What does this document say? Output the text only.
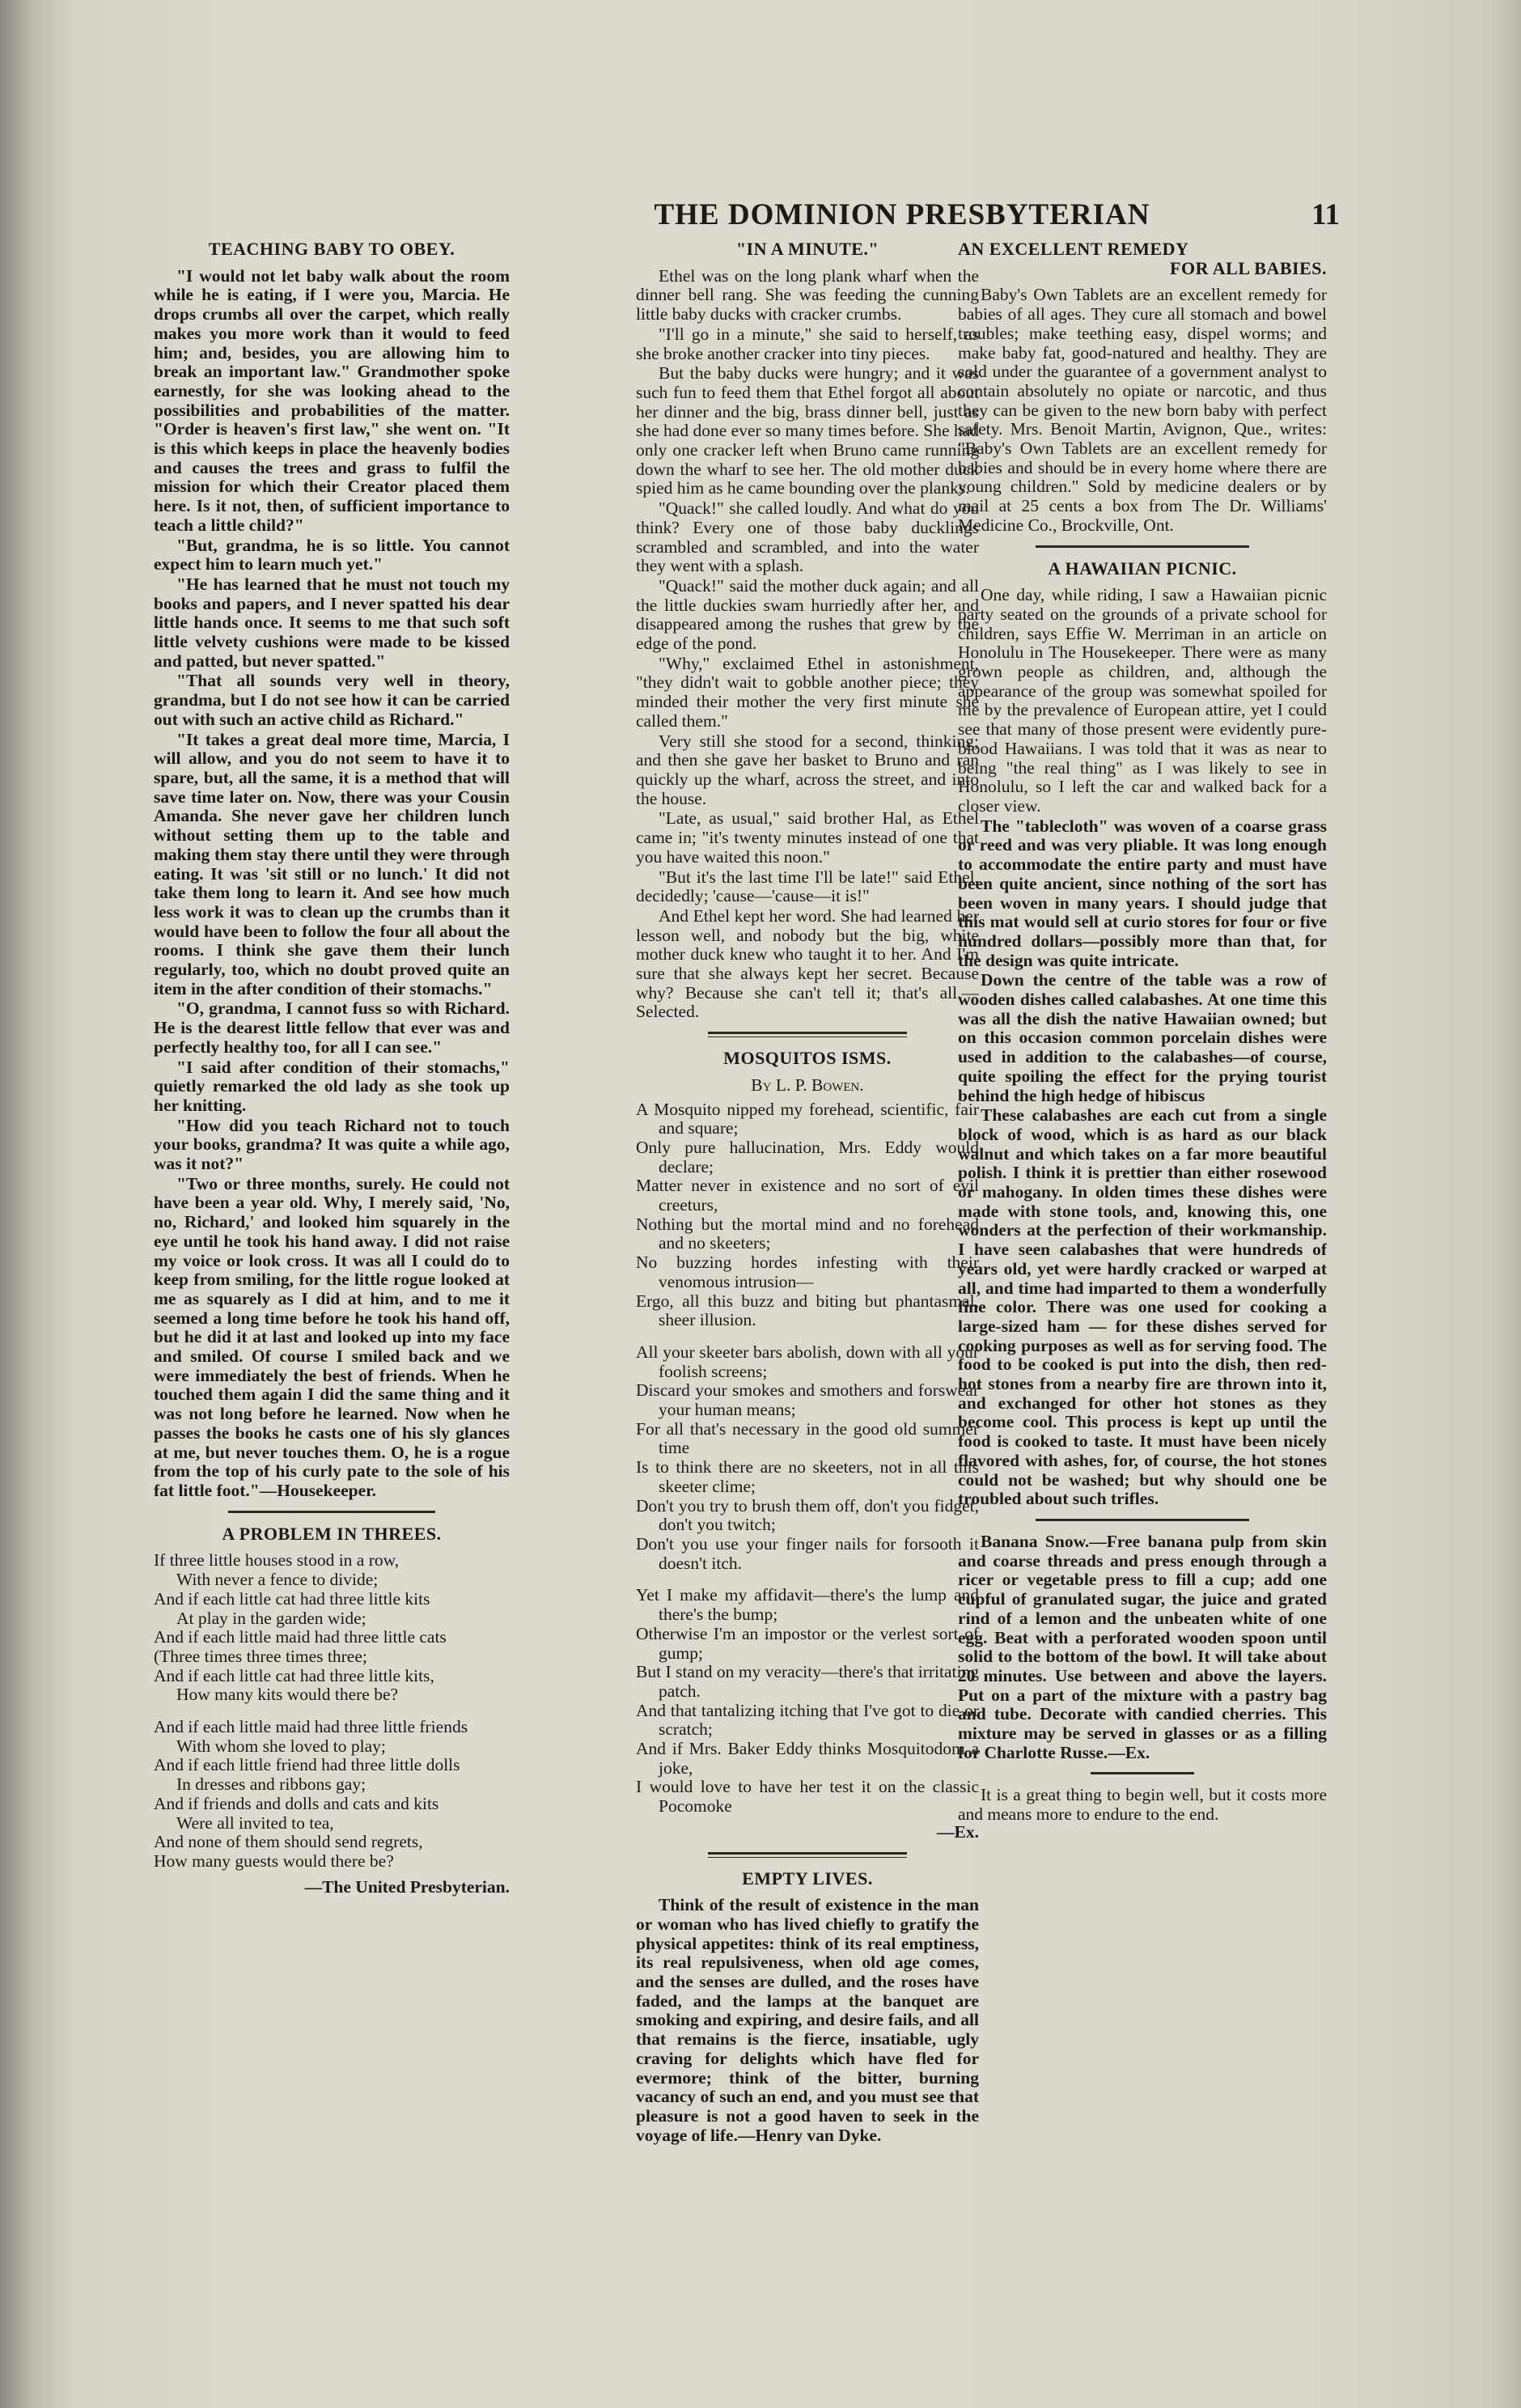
THE DOMINION PRESBYTERIAN	11
TEACHING BABY TO OBEY.

"I would not let baby walk about the room while he is eating, if I were you, Marcia. He drops crumbs all over the carpet, which really makes you more work than it would to feed him; and, besides, you are allowing him to break an important law." Grandmother spoke earnestly, for she was looking ahead to the possibilities and probabilities of the matter. "Order is heaven's first law," she went on. "It is this which keeps in place the heavenly bodies and causes the trees and grass to fulfil the mission for which their Creator placed them here. Is it not, then, of sufficient importance to teach a little child?"

"But, grandma, he is so little. You cannot expect him to learn much yet."

"He has learned that he must not touch my books and papers, and I never spatted his dear little hands once. It seems to me that such soft little velvety cushions were made to be kissed and patted, but never spatted."

"That all sounds very well in theory, grandma, but I do not see how it can be carried out with such an active child as Richard."

"It takes a great deal more time, Marcia, I will allow, and you do not seem to have it to spare, but, all the same, it is a method that will save time later on. Now, there was your Cousin Amanda. She never gave her children lunch without setting them up to the table and making them stay there until they were through eating. It was 'sit still or no lunch.' It did not take them long to learn it. And see how much less work it was to clean up the crumbs than it would have been to follow the four all about the rooms. I think she gave them their lunch regularly, too, which no doubt proved quite an item in the after condition of their stomachs."

"O, grandma, I cannot fuss so with Richard. He is the dearest little fellow that ever was and perfectly healthy too, for all I can see."

"I said after condition of their stomachs," quietly remarked the old lady as she took up her knitting.

"How did you teach Richard not to touch your books, grandma? It was quite a while ago, was it not?"

"Two or three months, surely. He could not have been a year old. Why, I merely said, 'No, no, Richard,' and looked him squarely in the eye until he took his hand away. I did not raise my voice or look cross. It was all I could do to keep from smiling, for the little rogue looked at me as squarely as I did at him, and to me it seemed a long time before he took his hand off, but he did it at last and looked up into my face and smiled. Of course I smiled back and we were immediately the best of friends. When he touched them again I did the same thing and it was not long before he learned. Now when he passes the books he casts one of his sly glances at me, but never touches them. O, he is a rogue from the top of his curly pate to the sole of his fat little foot."—Housekeeper.

A PROBLEM IN THREES.
If three little houses stood in a row,
With never a fence to divide;
And if each little cat had three little kits
At play in the garden wide;
And if each little maid had three little cats
(Three times three times three;
And if each little cat had three little kits,
How many kits would there be?
And if each little maid had three little friends
With whom she loved to play;
And if each little friend had three little dolls
In dresses and ribbons gay;
And if friends and dolls and cats and kits
Were all invited to tea,
And none of them should send regrets,
How many guests would there be?
—The United Presbyterian.
"IN A MINUTE."

Ethel was on the long plank wharf when the dinner bell rang. She was feeding the cunning little baby ducks with cracker crumbs.

"I'll go in a minute," she said to herself, as she broke another cracker into tiny pieces.

But the baby ducks were hungry; and it was such fun to feed them that Ethel forgot all about her dinner and the big, brass dinner bell, just as she had done ever so many times before. She had only one cracker left when Bruno came running down the wharf to see her. The old mother duck spied him as he came bounding over the planks.

"Quack!" she called loudly. And what do you think? Every one of those baby ducklings scrambled and scrambled, and into the water they went with a splash.

"Quack!" said the mother duck again; and all the little duckies swam hurriedly after her, and disappeared among the rushes that grew by the edge of the pond.

"Why," exclaimed Ethel in astonishment, "they didn't wait to gobble another piece; they minded their mother the very first minute she called them."

Very still she stood for a second, thinking; and then she gave her basket to Bruno and ran quickly up the wharf, across the street, and into the house.

"Late, as usual," said brother Hal, as Ethel came in; "it's twenty minutes instead of one that you have waited this noon."

"But it's the last time I'll be late!" said Ethel, decidedly; 'cause—'cause—it is!"

And Ethel kept her word. She had learned her lesson well, and nobody but the big, white mother duck knew who taught it to her. And I'm sure that she always kept her secret. Because why? Because she can't tell it; that's all.—Selected.

MOSQUITOS ISMS.
By L. P. Bowen.
A Mosquito nipped my forehead, scientific, fair and square;
Only pure hallucination, Mrs. Eddy would declare;
Matter never in existence and no sort of evil creeturs,
Nothing but the mortal mind and no forehead and no skeeters;
No buzzing hordes infesting with their venomous intrusion—
Ergo, all this buzz and biting but phantasmal, sheer illusion.
All your skeeter bars abolish, down with all your foolish screens;
Discard your smokes and smothers and forswear your human means;
For all that's necessary in the good old summer time
Is to think there are no skeeters, not in all this skeeter clime;
Don't you try to brush them off, don't you fidget, don't you twitch;
Don't you use your finger nails for forsooth it doesn't itch.
Yet I make my affidavit—there's the lump and there's the bump;
Otherwise I'm an impostor or the verlest sort of gump;
But I stand on my veracity—there's that irritating patch.
And that tantalizing itching that I've got to die or scratch;
And if Mrs. Baker Eddy thinks Mosquitodom a joke,
I would love to have her test it on the classic Pocomoke
—Ex.
EMPTY LIVES.

Think of the result of existence in the man or woman who has lived chiefly to gratify the physical appetites: think of its real emptiness, its real repulsiveness, when old age comes, and the senses are dulled, and the roses have faded, and the lamps at the banquet are smoking and expiring, and desire fails, and all that remains is the fierce, insatiable, ugly craving for delights which have fled for evermore; think of the bitter, burning vacancy of such an end, and you must see that pleasure is not a good haven to seek in the voyage of life.—Henry van Dyke.

AN EXCELLENT REMEDY
FOR ALL BABIES.

Baby's Own Tablets are an excellent remedy for babies of all ages. They cure all stomach and bowel troubles; make teething easy, dispel worms; and make baby fat, good-natured and healthy. They are sold under the guarantee of a government analyst to contain absolutely no opiate or narcotic, and thus they can be given to the new born baby with perfect safety. Mrs. Benoit Martin, Avignon, Que., writes: "Baby's Own Tablets are an excellent remedy for babies and should be in every home where there are young children." Sold by medicine dealers or by mail at 25 cents a box from The Dr. Williams' Medicine Co., Brockville, Ont.

A HAWAIIAN PICNIC.

One day, while riding, I saw a Hawaiian picnic party seated on the grounds of a private school for children, says Effie W. Merriman in an article on Honolulu in The Housekeeper. There were as many grown people as children, and, although the appearance of the group was somewhat spoiled for me by the prevalence of European attire, yet I could see that many of those present were evidently pure-blood Hawaiians. I was told that it was as near to being "the real thing" as I was likely to see in Honolulu, so I left the car and walked back for a closer view.

The "tablecloth" was woven of a coarse grass or reed and was very pliable. It was long enough to accommodate the entire party and must have been quite ancient, since nothing of the sort has been woven in many years. I should judge that this mat would sell at curio stores for four or five hundred dollars—possibly more than that, for the design was quite intricate.

Down the centre of the table was a row of wooden dishes called calabashes. At one time this was all the dish the native Hawaiian owned; but on this occasion common porcelain dishes were used in addition to the calabashes—of course, quite spoiling the effect for the prying tourist behind the high hedge of hibiscus

These calabashes are each cut from a single block of wood, which is as hard as our black walnut and which takes on a far more beautiful polish. I think it is prettier than either rosewood or mahogany. In olden times these dishes were made with stone tools, and, knowing this, one wonders at the perfection of their workmanship. I have seen calabashes that were hundreds of years old, yet were hardly cracked or warped at all, and time had imparted to them a wonderfully fine color. There was one used for cooking a large-sized ham — for these dishes served for cooking purposes as well as for serving food. The food to be cooked is put into the dish, then red-hot stones from a nearby fire are thrown into it, and exchanged for other hot stones as they become cool. This process is kept up until the food is cooked to taste. It must have been nicely flavored with ashes, for, of course, the hot stones could not be washed; but why should one be troubled about such trifles.

Banana Snow.—Free banana pulp from skin and coarse threads and press enough through a ricer or vegetable press to fill a cup; add one cupful of granulated sugar, the juice and grated rind of a lemon and the unbeaten white of one egg. Beat with a perforated wooden spoon until solid to the bottom of the bowl. It will take about 20 minutes. Use between and above the layers. Put on a part of the mixture with a pastry bag and tube. Decorate with candied cherries. This mixture may be served in glasses or as a filling for Charlotte Russe.—Ex.

It is a great thing to begin well, but it costs more and means more to endure to the end.
